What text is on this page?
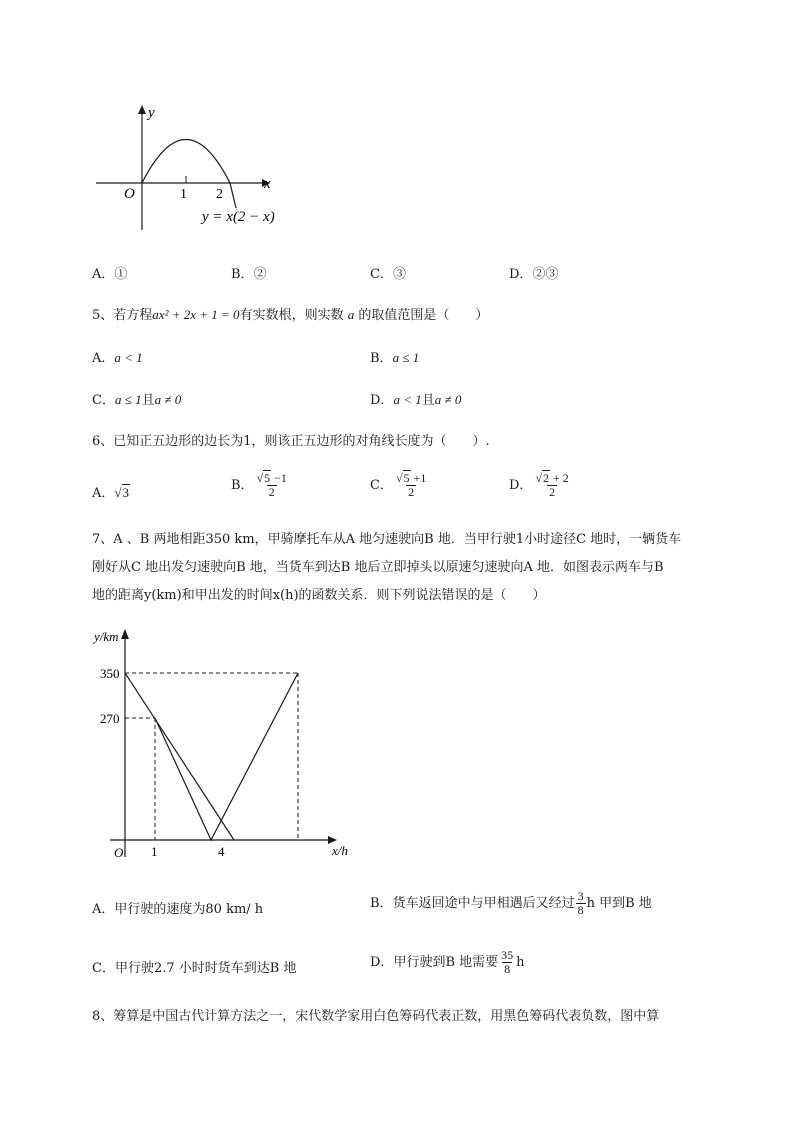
y
x
O	1 2
y = x(2 − x)
A．①	B．②	C．③	D．②③
5、若方程ax² + 2x + 1 = 0有实数根，则实数 a 的取值范围是（　　）
A．a < 1	B．a ≤ 1
C．a ≤ 1且a ≠ 0	D．a < 1且a ≠ 0
6、已知正五边形的边长为1，则该正五边形的对角线长度为（　　）.
A．√3	B． $\frac{√5 -1}{2}$	C． $\frac{√5 +1}{2}$	D． $\frac{√2 + 2}{2}$
7、A 、B 两地相距350 km，甲骑摩托车从A 地匀速驶向B 地．当甲行驶1小时途径C 地时，一辆货车
刚好从C 地出发匀速驶向B 地，当货车到达B 地后立即掉头以原速匀速驶向A 地．如图表示两车与B
地的距离y(km)和甲出发的时间x(h)的函数关系．则下列说法错误的是（　　）
y/km
x/h
O
350
270
1	4
A．甲行驶的速度为80 km/ h	B．货车返回途中与甲相遇后又经过 $\frac{3}{8}$ h 甲到B 地
C．甲行驶2.7 小时时货车到达B 地	D．甲行驶到B 地需要 $\frac{35}{8}$ h
8、筹算是中国古代计算方法之一，宋代数学家用白色筹码代表正数，用黑色筹码代表负数，图中算
